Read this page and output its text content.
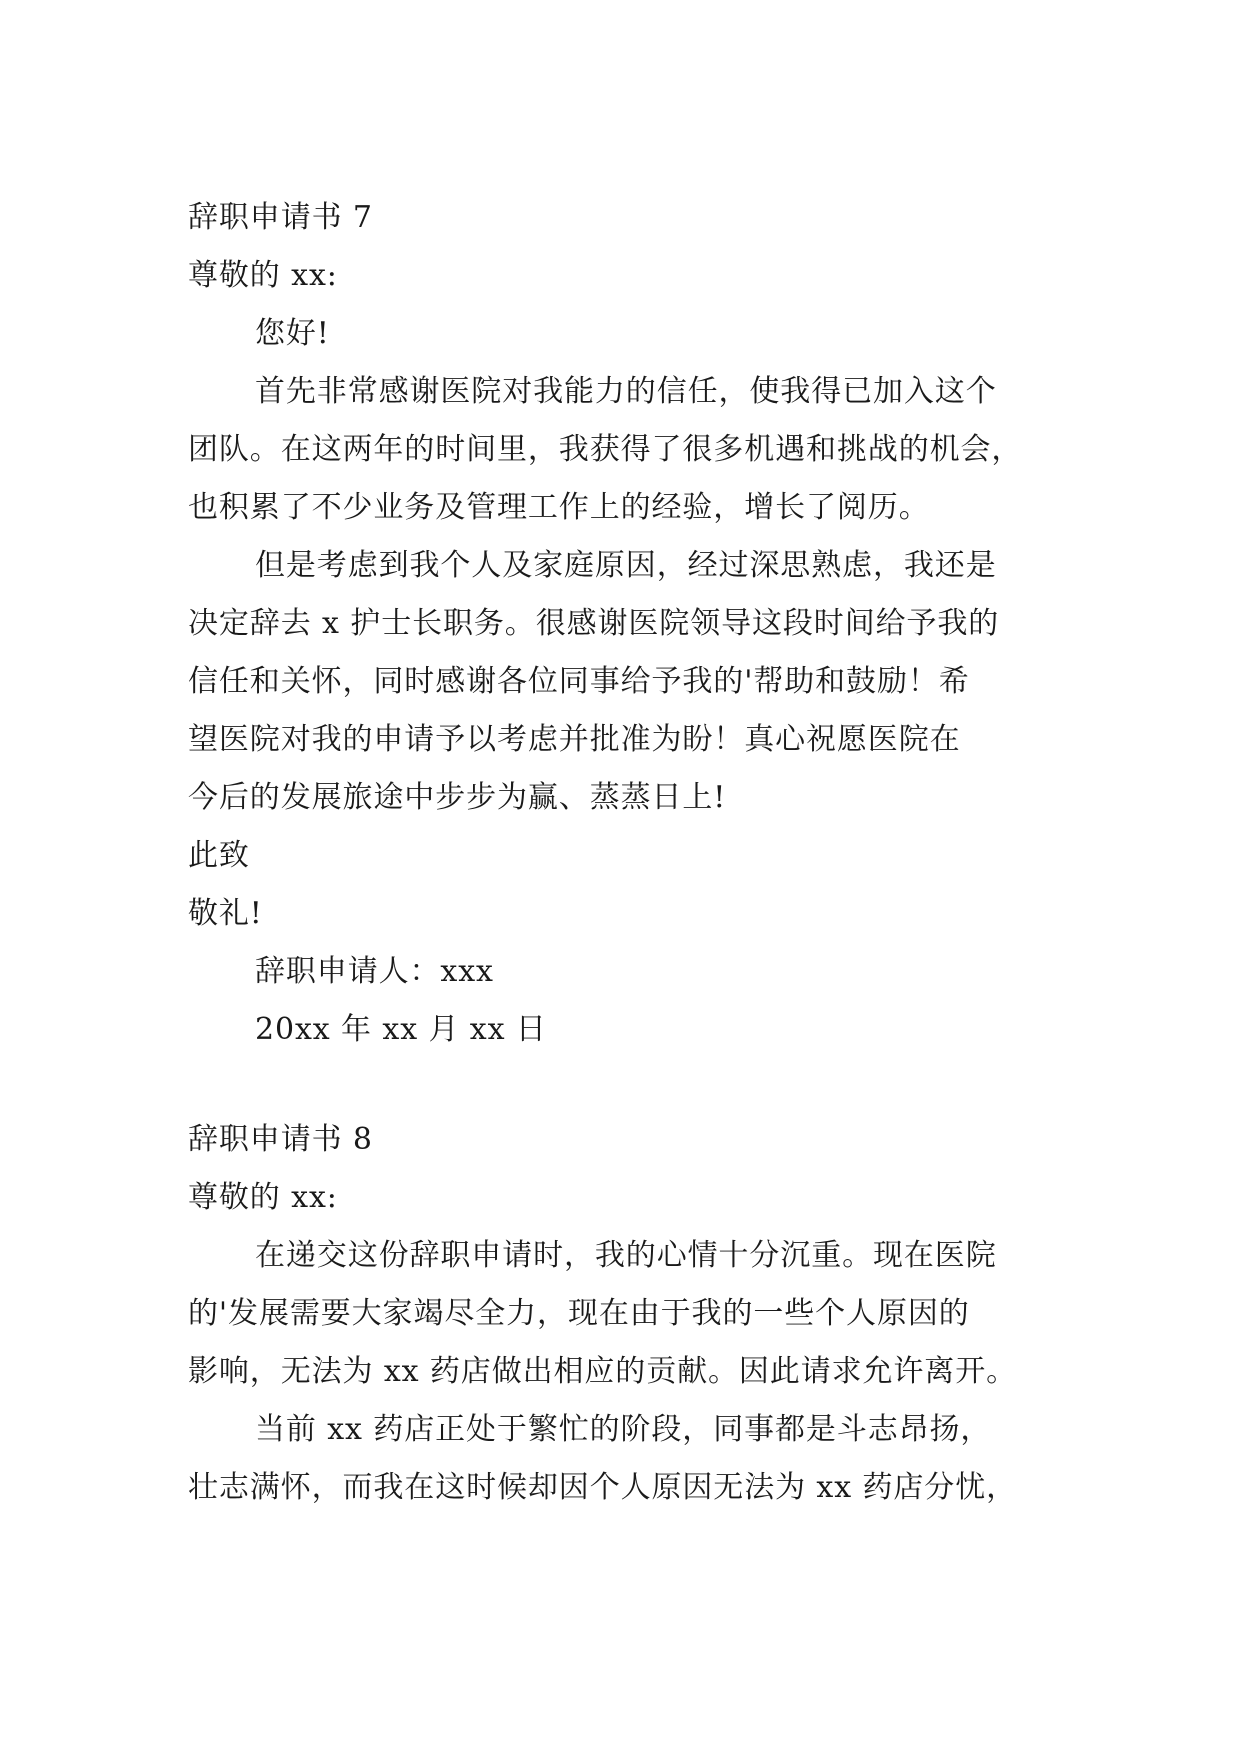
辞职申请书 7
尊敬的 xx:
您好!
首先非常感谢医院对我能力的信任，使我得已加入这个
团队。在这两年的时间里，我获得了很多机遇和挑战的机会，
也积累了不少业务及管理工作上的经验，增长了阅历。
但是考虑到我个人及家庭原因，经过深思熟虑，我还是
决定辞去 x 护士长职务。很感谢医院领导这段时间给予我的
信任和关怀，同时感谢各位同事给予我的'帮助和鼓励！希
望医院对我的申请予以考虑并批准为盼！真心祝愿医院在
今后的发展旅途中步步为赢、蒸蒸日上!
此致
敬礼!
辞职申请人：xxx
20xx 年 xx 月 xx 日
辞职申请书 8
尊敬的 xx:
在递交这份辞职申请时，我的心情十分沉重。现在医院
的'发展需要大家竭尽全力，现在由于我的一些个人原因的
影响，无法为 xx 药店做出相应的贡献。因此请求允许离开。
当前 xx 药店正处于繁忙的阶段，同事都是斗志昂扬，
壮志满怀，而我在这时候却因个人原因无法为 xx 药店分忧，
